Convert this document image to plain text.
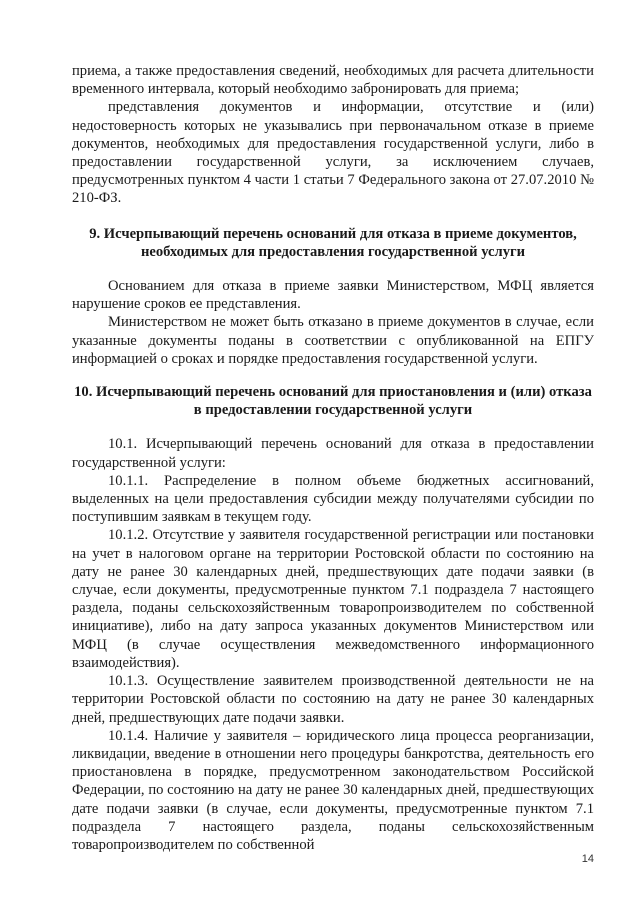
приема, а также предоставления сведений, необходимых для расчета длительности временного интервала, который необходимо забронировать для приема;

представления документов и информации, отсутствие и (или) недостоверность которых не указывались при первоначальном отказе в приеме документов, необходимых для предоставления государственной услуги, либо в предоставлении государственной услуги, за исключением случаев, предусмотренных пунктом 4 части 1 статьи 7 Федерального закона от 27.07.2010 № 210-ФЗ.

9. Исчерпывающий перечень оснований для отказа в приеме документов, необходимых для предоставления государственной услуги

Основанием для отказа в приеме заявки Министерством, МФЦ является нарушение сроков ее представления.

Министерством не может быть отказано в приеме документов в случае, если указанные документы поданы в соответствии с опубликованной на ЕПГУ информацией о сроках и порядке предоставления государственной услуги.

10. Исчерпывающий перечень оснований для приостановления и (или) отказа в предоставлении государственной услуги

10.1. Исчерпывающий перечень оснований для отказа в предоставлении государственной услуги:

10.1.1. Распределение в полном объеме бюджетных ассигнований, выделенных на цели предоставления субсидии между получателями субсидии по поступившим заявкам в текущем году.

10.1.2. Отсутствие у заявителя государственной регистрации или постановки на учет в налоговом органе на территории Ростовской области по состоянию на дату не ранее 30 календарных дней, предшествующих дате подачи заявки (в случае, если документы, предусмотренные пунктом 7.1 подраздела 7 настоящего раздела, поданы сельскохозяйственным товаропроизводителем по собственной инициативе), либо на дату запроса указанных документов Министерством или МФЦ (в случае осуществления межведомственного информационного взаимодействия).

10.1.3. Осуществление заявителем производственной деятельности не на территории Ростовской области по состоянию на дату не ранее 30 календарных дней, предшествующих дате подачи заявки.

10.1.4. Наличие у заявителя – юридического лица процесса реорганизации, ликвидации, введение в отношении него процедуры банкротства, деятельность его приостановлена в порядке, предусмотренном законодательством Российской Федерации, по состоянию на дату не ранее 30 календарных дней, предшествующих дате подачи заявки (в случае, если документы, предусмотренные пунктом 7.1 подраздела 7 настоящего раздела, поданы сельскохозяйственным товаропроизводителем по собственной

14
